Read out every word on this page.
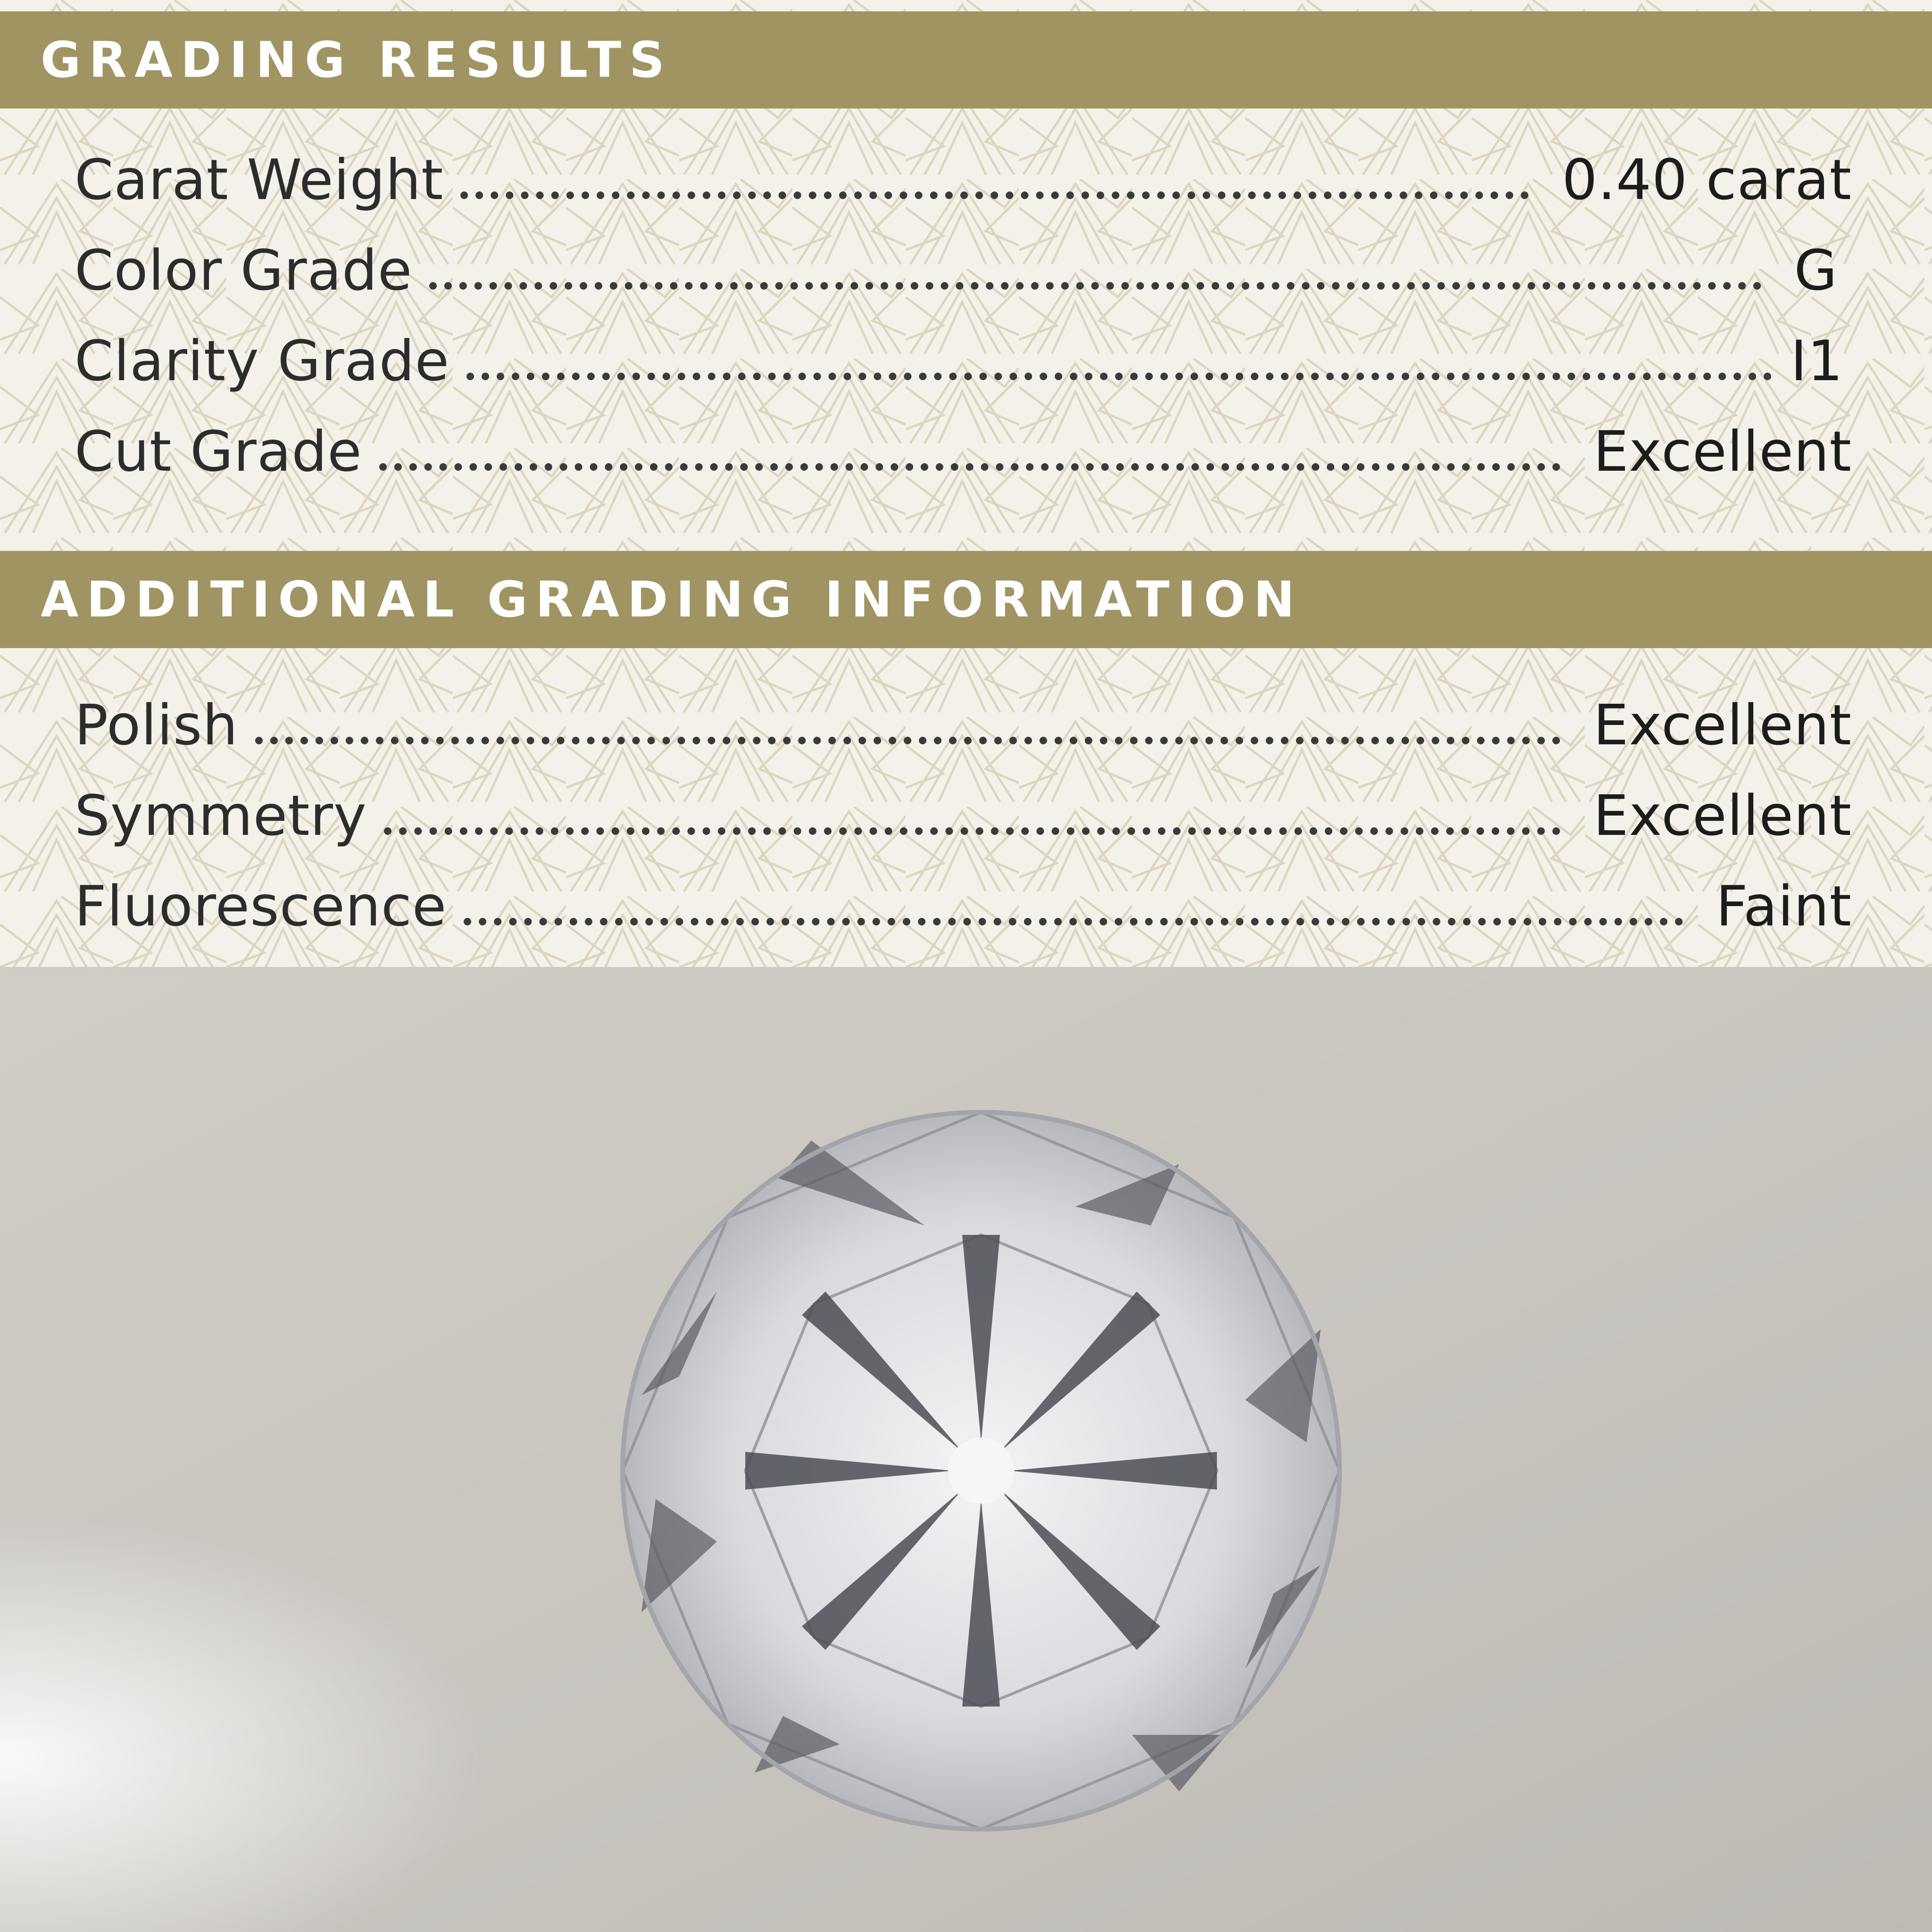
GRADING RESULTS
Carat Weight	0.40 carat
Color Grade	G
Clarity Grade	I1
Cut Grade	Excellent
ADDITIONAL GRADING INFORMATION
Polish	Excellent
Symmetry	Excellent
Fluorescence	Faint
